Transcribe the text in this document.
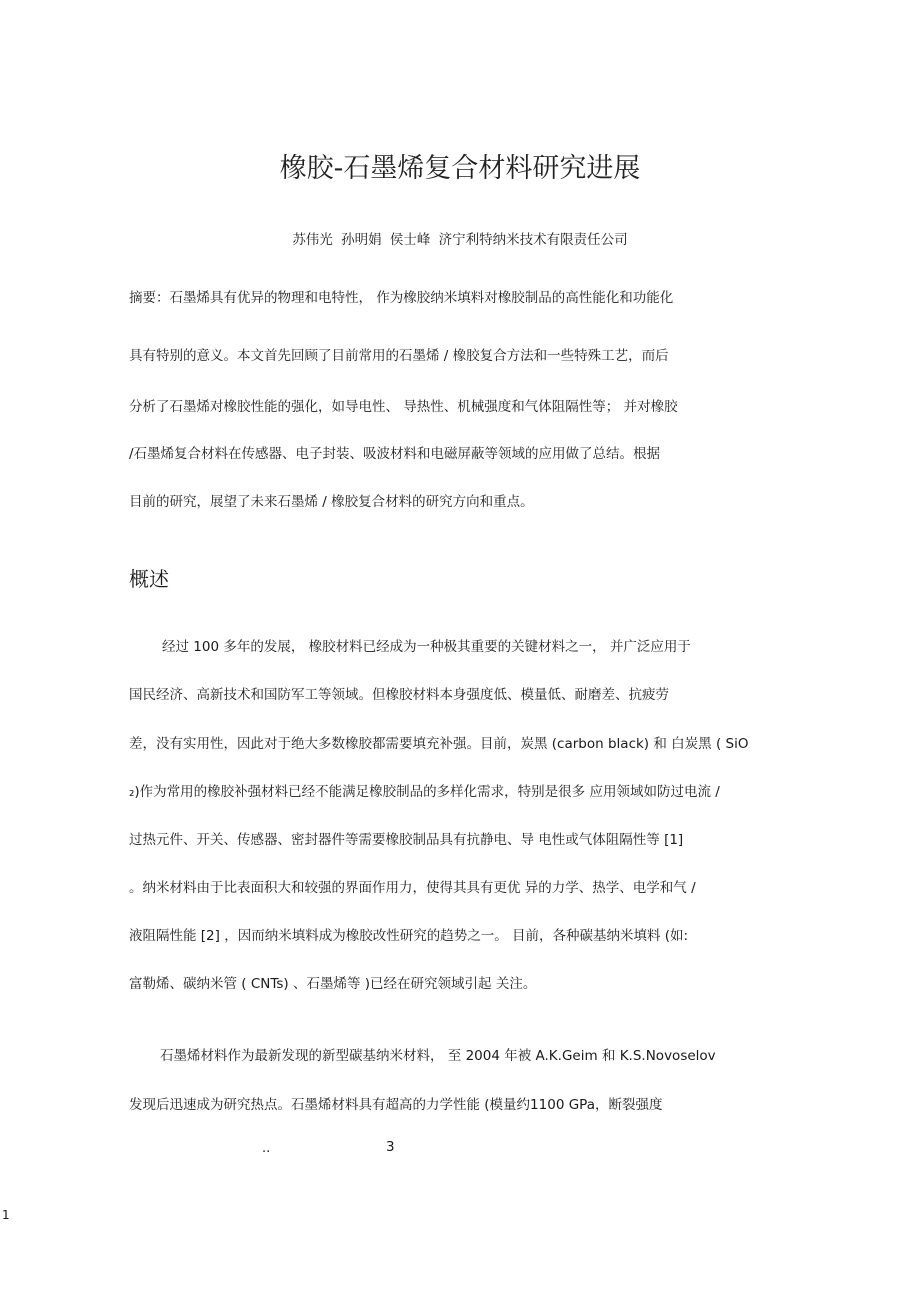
橡胶-石墨烯复合材料研究进展
苏伟光 孙明娟 侯士峰 济宁利特纳米技术有限责任公司
摘要：石墨烯具有优异的物理和电特性， 作为橡胶纳米填料对橡胶制品的高性能化和功能化
具有特别的意义。本文首先回顾了目前常用的石墨烯 / 橡胶复合方法和一些特殊工艺，而后
分析了石墨烯对橡胶性能的强化，如导电性、 导热性、机械强度和气体阻隔性等； 并对橡胶
/石墨烯复合材料在传感器、电子封装、吸波材料和电磁屏蔽等领域的应用做了总结。根据
目前的研究，展望了未来石墨烯 / 橡胶复合材料的研究方向和重点。
概述
经过 100 多年的发展， 橡胶材料已经成为一种极其重要的关键材料之一， 并广泛应用于
国民经济、高新技术和国防军工等领域。但橡胶材料本身强度低、模量低、耐磨差、抗疲劳
差，没有实用性，因此对于绝大多数橡胶都需要填充补强。目前，炭黑 (carbon black) 和 白炭黑 ( SiO
₂)作为常用的橡胶补强材料已经不能满足橡胶制品的多样化需求，特别是很多 应用领域如防过电流 /
过热元件、开关、传感器、密封器件等需要橡胶制品具有抗静电、导 电性或气体阻隔性等 [1]
。纳米材料由于比表面积大和较强的界面作用力，使得其具有更优 异的力学、热学、电学和气 /
液阻隔性能 [2] ，因而纳米填料成为橡胶改性研究的趋势之一。 目前，各种碳基纳米填料 (如:
富勒烯、碳纳米管 ( CNTs) 、石墨烯等 )已经在研究领域引起 关注。
石墨烯材料作为最新发现的新型碳基纳米材料， 至 2004 年被 A.K.Geim 和 K.S.Novoselov
发现后迅速成为研究热点。石墨烯材料具有超高的力学性能 (模量约1100 GPa，断裂强度
..	3
1
